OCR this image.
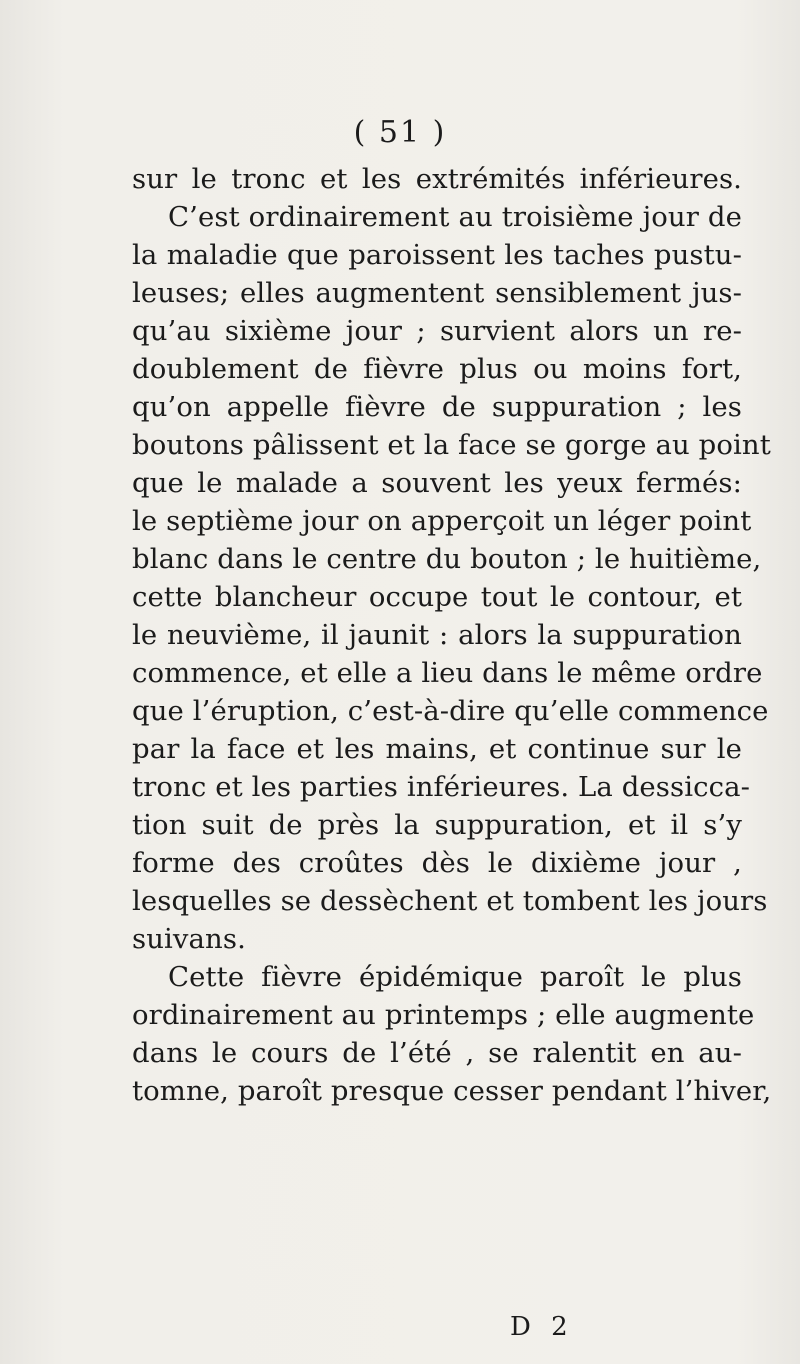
( 51 )
sur le tronc et les extrémités inférieures.
C’est ordinairement au troisième jour de
la maladie que paroissent les taches pustu-
leuses; elles augmentent sensiblement jus-
qu’au sixième jour ; survient alors un re-
doublement de fièvre plus ou moins fort,
qu’on appelle fièvre de suppuration ; les
boutons pâlissent et la face se gorge au point
que le malade a souvent les yeux fermés:
le septième jour on apperçoit un léger point
blanc dans le centre du bouton ; le huitième,
cette blancheur occupe tout le contour, et
le neuvième, il jaunit : alors la suppuration
commence, et elle a lieu dans le même ordre
que l’éruption, c’est-à-dire qu’elle commence
par la face et les mains, et continue sur le
tronc et les parties inférieures. La dessicca-
tion suit de près la suppuration, et il s’y
forme des croûtes dès le dixième jour ,
lesquelles se dessèchent et tombent les jours
suivans.
Cette fièvre épidémique paroît le plus
ordinairement au printemps ; elle augmente
dans le cours de l’été , se ralentit en au-
tomne, paroît presque cesser pendant l’hiver,
D 2
